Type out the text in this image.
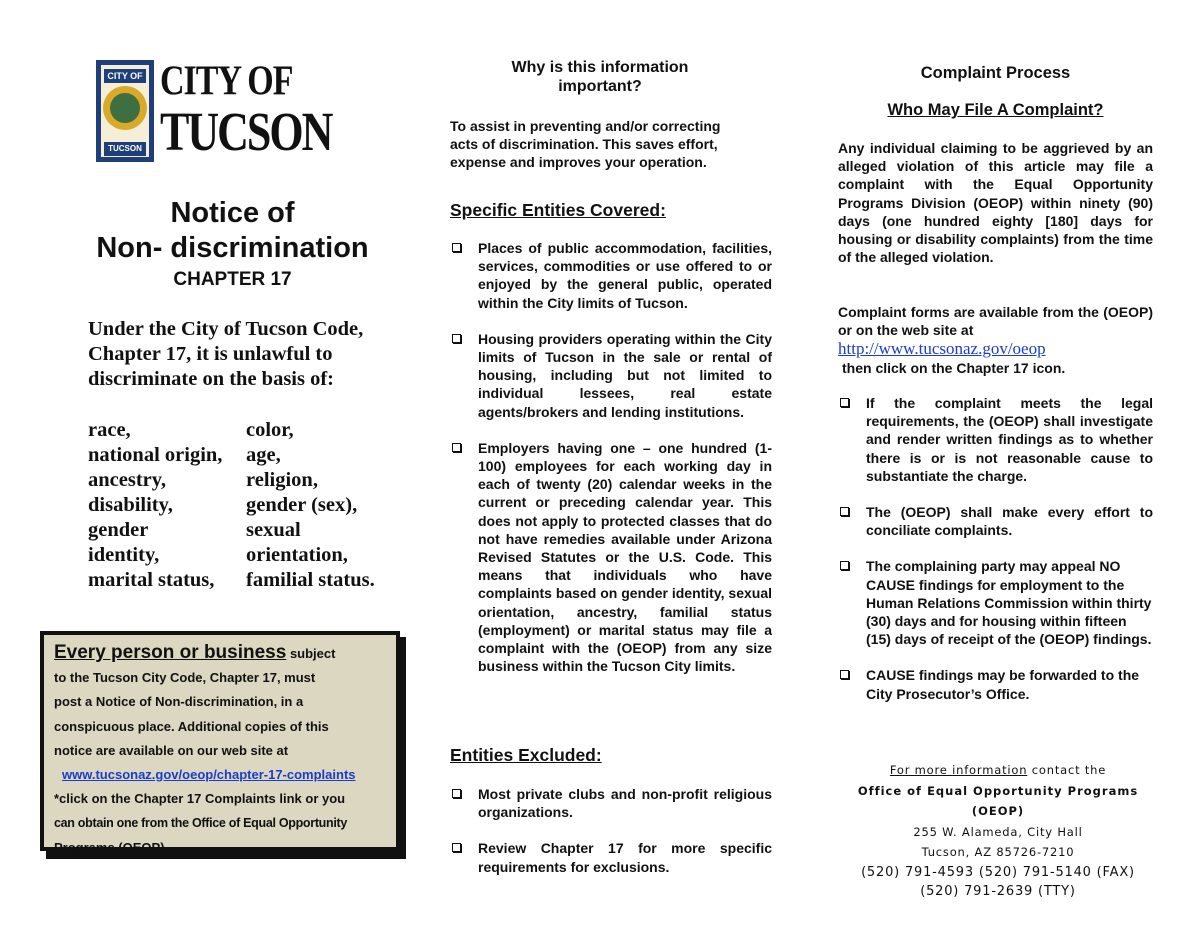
CITY OF
TUCSON
CITY OF
TUCSON
Notice of
Non- discrimination
CHAPTER 17
Under the City of Tucson Code, Chapter 17, it is unlawful to discriminate on the basis of:
race,	color,
national origin,	age,
ancestry,	religion,
disability,	gender (sex),
gender	sexual
identity,	orientation,
marital status,	familial status.
Every person or business subject
to the Tucson City Code, Chapter 17, must
post a Notice of Non-discrimination, in a
conspicuous place. Additional copies of this
notice are available on our web site at
www.tucsonaz.gov/oeop/chapter-17-complaints
*click on the Chapter 17 Complaints link or you
can obtain one from the Office of Equal Opportunity
Programs (OEOP)
Why is this information
important?
To assist in preventing and/or correcting acts of discrimination. This saves effort, expense and improves your operation.
Specific Entities Covered:
Places of public accommodation, facilities, services, commodities or use offered to or enjoyed by the general public, operated within the City limits of Tucson.
Housing providers operating within the City limits of Tucson in the sale or rental of housing, including but not limited to individual lessees, real estate agents/brokers and lending institutions.
Employers having one – one hundred (1-100) employees for each working day in each of twenty (20) calendar weeks in the current or preceding calendar year. This does not apply to protected classes that do not have remedies available under Arizona Revised Statutes or the U.S. Code. This means that individuals who have complaints based on gender identity, sexual orientation, ancestry, familial status (employment) or marital status may file a complaint with the (OEOP) from any size business within the Tucson City limits.
Entities Excluded:
Most private clubs and non-profit religious organizations.
Review Chapter 17 for more specific requirements for exclusions.
Complaint Process
Who May File A Complaint?
Any individual claiming to be aggrieved by an alleged violation of this article may file a complaint with the Equal Opportunity Programs Division (OEOP) within ninety (90) days (one hundred eighty [180] days for housing or disability complaints) from the time of the alleged violation.
Complaint forms are available from the (OEOP) or on the web site at
http://www.tucsonaz.gov/oeop
then click on the Chapter 17 icon.
If the complaint meets the legal requirements, the (OEOP) shall investigate and render written findings as to whether there is or is not reasonable cause to substantiate the charge.
The (OEOP) shall make every effort to conciliate complaints.
The complaining party may appeal NO CAUSE findings for employment to the Human Relations Commission within thirty (30) days and for housing within fifteen (15) days of receipt of the (OEOP) findings.
CAUSE findings may be forwarded to the City Prosecutor’s Office.
For more information contact the
Office of Equal Opportunity Programs (OEOP)
255 W. Alameda, City Hall
Tucson, AZ 85726-7210
(520) 791-4593 (520) 791-5140 (FAX)
(520) 791-2639 (TTY)
